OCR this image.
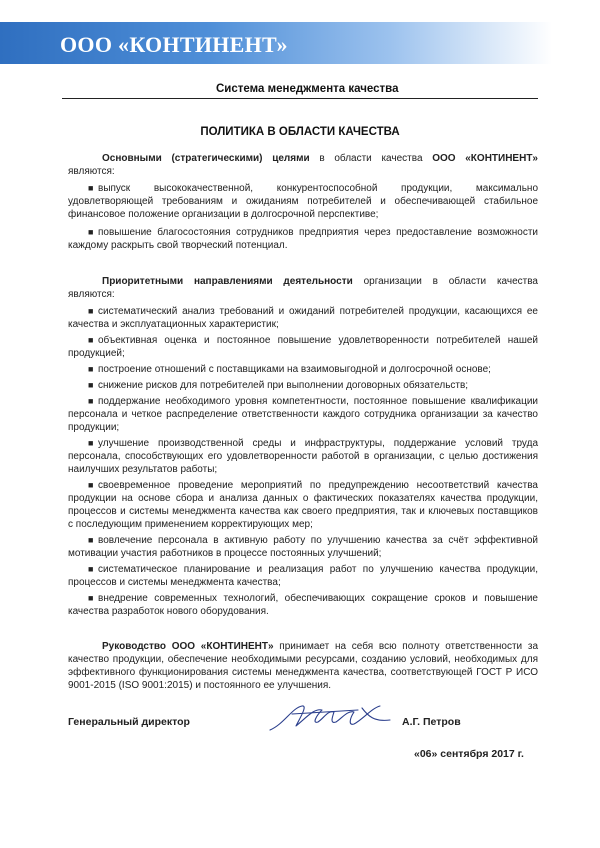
ООО «КОНТИНЕНТ»
Система менеджмента качества
ПОЛИТИКА В ОБЛАСТИ КАЧЕСТВА

Основными (стратегическими) целями в области качества ООО «КОНТИНЕНТ» являются:

■ выпуск высококачественной, конкурентоспособной продукции, максимально удовлетворяющей требованиям и ожиданиям потребителей и обеспечивающей стабильное финансовое положение организации в долгосрочной перспективе;
■ повышение благосостояния сотрудников предприятия через предоставление возможности каждому раскрыть свой творческий потенциал.

Приоритетными направлениями деятельности организации в области качества являются:

■ систематический анализ требований и ожиданий потребителей продукции, касающихся ее качества и эксплуатационных характеристик;
■ объективная оценка и постоянное повышение удовлетворенности потребителей нашей продукцией;
■ построение отношений с поставщиками на взаимовыгодной и долгосрочной основе;
■ снижение рисков для потребителей при выполнении договорных обязательств;
■ поддержание необходимого уровня компетентности, постоянное повышение квалификации персонала и четкое распределение ответственности каждого сотрудника организации за качество продукции;
■ улучшение производственной среды и инфраструктуры, поддержание условий труда персонала, способствующих его удовлетворенности работой в организации, с целью достижения наилучших результатов работы;
■ своевременное проведение мероприятий по предупреждению несоответствий качества продукции на основе сбора и анализа данных о фактических показателях качества продукции, процессов и системы менеджмента качества как своего предприятия, так и ключевых поставщиков с последующим применением корректирующих мер;
■ вовлечение персонала в активную работу по улучшению качества за счёт эффективной мотивации участия работников в процессе постоянных улучшений;
■ систематическое планирование и реализация работ по улучшению качества продукции, процессов и системы менеджмента качества;
■ внедрение современных технологий, обеспечивающих сокращение сроков и повышение качества разработок нового оборудования.

Руководство ООО «КОНТИНЕНТ» принимает на себя всю полноту ответственности за качество продукции, обеспечение необходимыми ресурсами, созданию условий, необходимых для эффективного функционирования системы менеджмента качества, соответствующей ГОСТ Р ИСО 9001-2015 (ISO 9001:2015) и постоянного ее улучшения.

Генеральный директор	А.Г. Петров
«06» сентября 2017 г.
